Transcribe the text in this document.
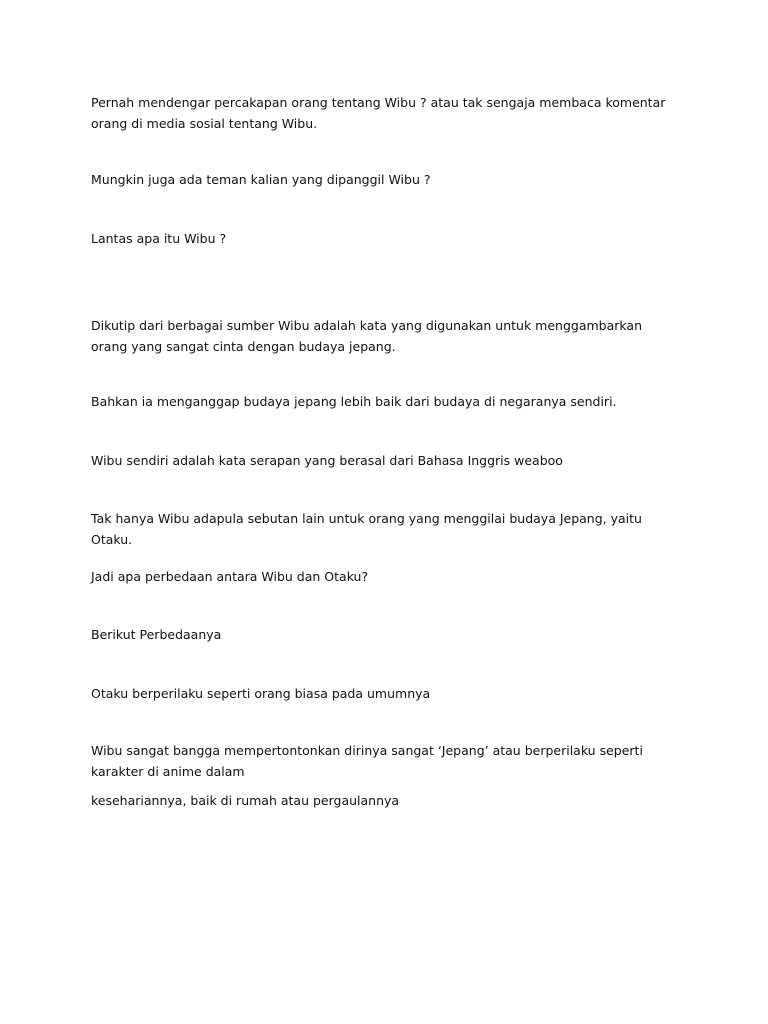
Pernah mendengar percakapan orang tentang Wibu ? atau tak sengaja membaca komentar orang di media sosial tentang Wibu.

Mungkin juga ada teman kalian yang dipanggil Wibu ?

Lantas apa itu Wibu ?

Dikutip dari berbagai sumber Wibu adalah kata yang digunakan untuk menggambarkan orang yang sangat cinta dengan budaya jepang.

Bahkan ia menganggap budaya jepang lebih baik dari budaya di negaranya sendiri.

Wibu sendiri adalah kata serapan yang berasal dari Bahasa Inggris weaboo

Tak hanya Wibu adapula sebutan lain untuk orang yang menggilai budaya Jepang, yaitu Otaku.

Jadi apa perbedaan antara Wibu dan Otaku?

Berikut Perbedaanya

Otaku berperilaku seperti orang biasa pada umumnya

Wibu sangat bangga mempertontonkan dirinya sangat ‘Jepang’ atau berperilaku seperti karakter di anime dalam

kesehariannya, baik di rumah atau pergaulannya
